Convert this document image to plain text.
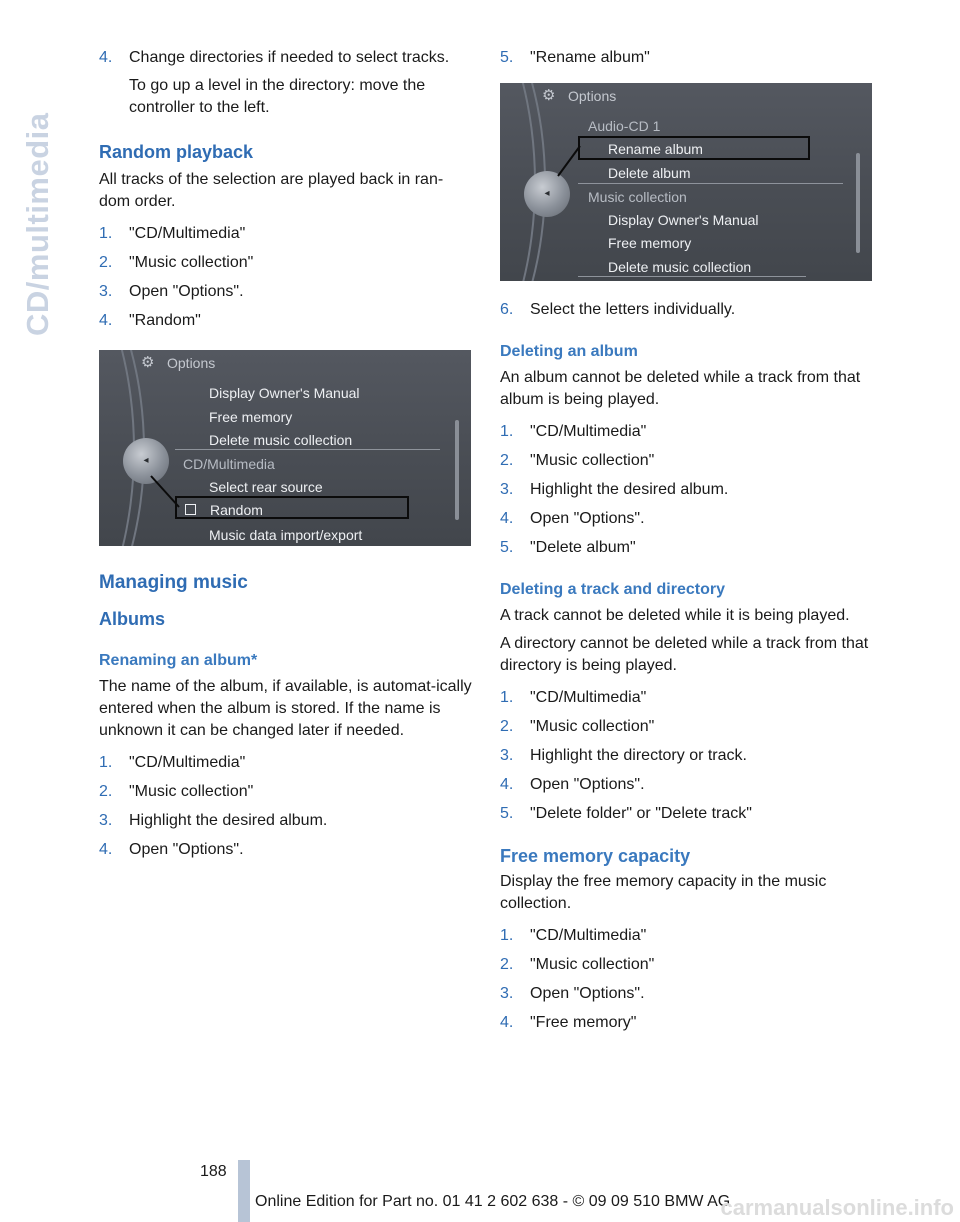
CD/multimedia
4. Change directories if needed to select tracks.
To go up a level in the directory: move the controller to the left.
Random playback
All tracks of the selection are played back in ran‐dom order.
1. "CD/Multimedia"
2. "Music collection"
3. Open "Options".
4. "Random"
⚙ Options
Display Owner's Manual
Free memory
Delete music collection
CD/Multimedia
Select rear source
Random
Music data import/export
◂
Managing music
Albums
Renaming an album*
The name of the album, if available, is automat‐ically entered when the album is stored. If the name is unknown it can be changed later if needed.
1. "CD/Multimedia"
2. "Music collection"
3. Highlight the desired album.
4. Open "Options".
5. "Rename album"
⚙ Options
Audio-CD 1
Rename album
Delete album
Music collection
Display Owner's Manual
Free memory
Delete music collection
◂
6. Select the letters individually.
Deleting an album
An album cannot be deleted while a track from that album is being played.
1. "CD/Multimedia"
2. "Music collection"
3. Highlight the desired album.
4. Open "Options".
5. "Delete album"
Deleting a track and directory
A track cannot be deleted while it is being played.
A directory cannot be deleted while a track from that directory is being played.
1. "CD/Multimedia"
2. "Music collection"
3. Highlight the directory or track.
4. Open "Options".
5. "Delete folder" or "Delete track"
Free memory capacity
Display the free memory capacity in the music collection.
1. "CD/Multimedia"
2. "Music collection"
3. Open "Options".
4. "Free memory"
188
Online Edition for Part no. 01 41 2 602 638 - © 09 09 510 BMW AG
carmanualsonline.info
